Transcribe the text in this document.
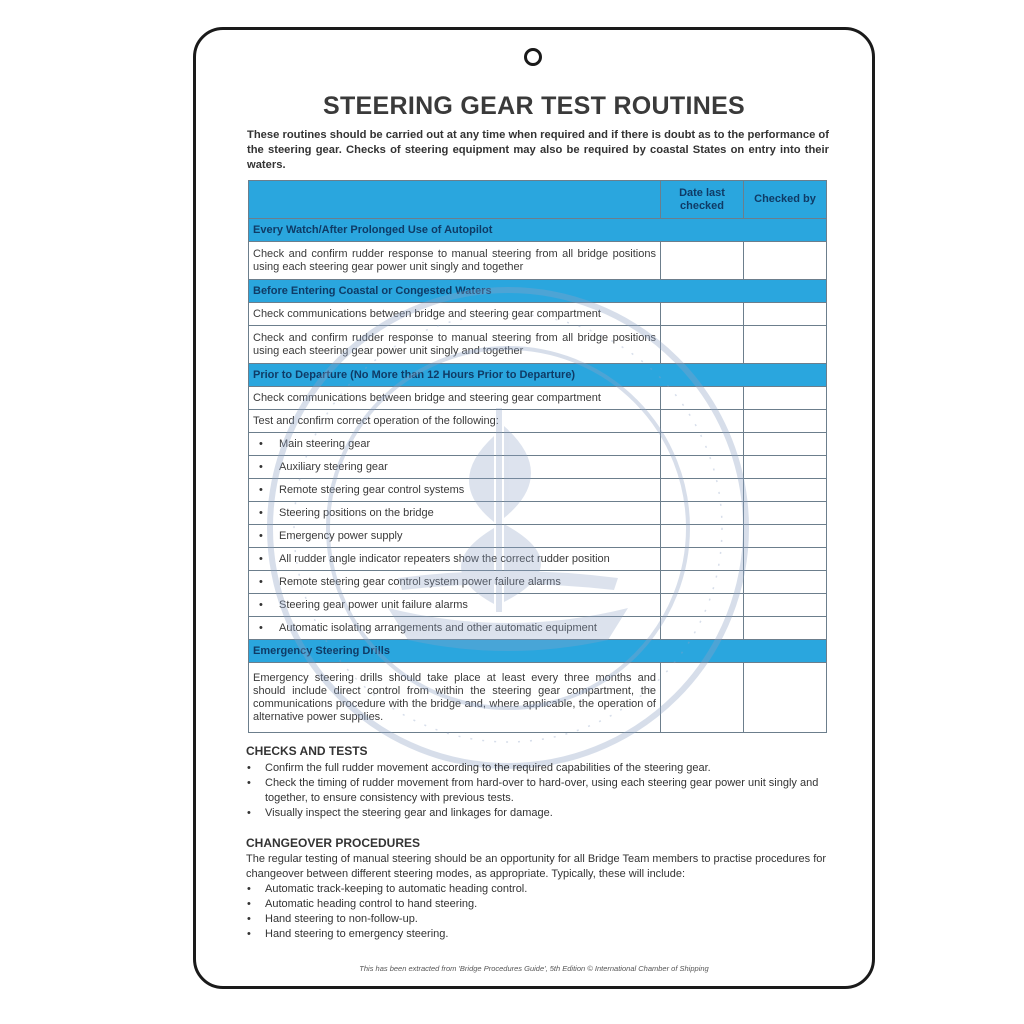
STEERING GEAR TEST ROUTINES
These routines should be carried out at any time when required and if there is doubt as to the performance of the steering gear. Checks of steering equipment may also be required by coastal States on entry into their waters.
	Date last checked	Checked by
Every Watch/After Prolonged Use of Autopilot		
Check and confirm rudder response to manual steering from all bridge positions using each steering gear power unit singly and together		
Before Entering Coastal or Congested Waters		
Check communications between bridge and steering gear compartment		
Check and confirm rudder response to manual steering from all bridge positions using each steering gear power unit singly and together		
Prior to Departure (No More than 12 Hours Prior to Departure)		
Check communications between bridge and steering gear compartment		
Test and confirm correct operation of the following:		
• Main steering gear		
• Auxiliary steering gear		
• Remote steering gear control systems		
• Steering positions on the bridge		
• Emergency power supply		
• All rudder angle indicator repeaters show the correct rudder position		
• Remote steering gear control system power failure alarms		
• Steering gear power unit failure alarms		
• Automatic isolating arrangements and other automatic equipment		
Emergency Steering Drills		
Emergency steering drills should take place at least every three months and should include direct control from within the steering gear compartment, the communications procedure with the bridge and, where applicable, the operation of alternative power supplies.		
CHECKS AND TESTS
• Confirm the full rudder movement according to the required capabilities of the steering gear.
• Check the timing of rudder movement from hard-over to hard-over, using each steering gear power unit singly and together, to ensure consistency with previous tests.
• Visually inspect the steering gear and linkages for damage.
CHANGEOVER PROCEDURES
The regular testing of manual steering should be an opportunity for all Bridge Team members to practise procedures for changeover between different steering modes, as appropriate. Typically, these will include:
• Automatic track-keeping to automatic heading control.
• Automatic heading control to hand steering.
• Hand steering to non-follow-up.
• Hand steering to emergency steering.
This has been extracted from 'Bridge Procedures Guide', 5th Edition © International Chamber of Shipping
